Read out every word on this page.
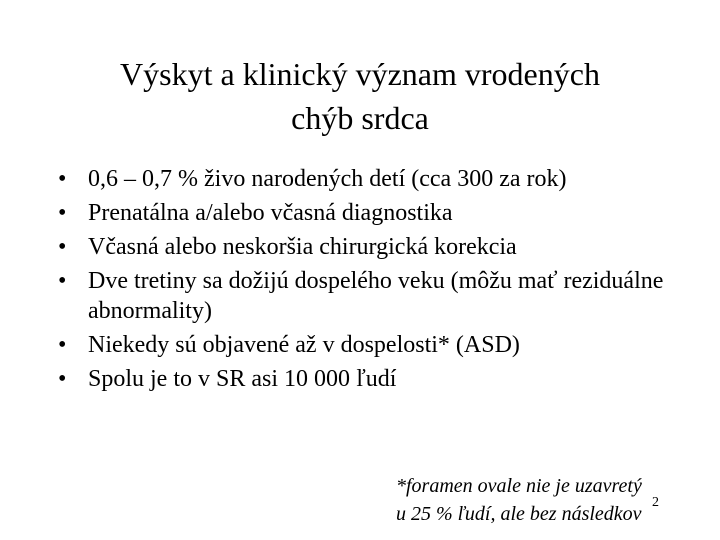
Výskyt a klinický význam vrodených
chýb srdca
• 0,6 – 0,7 % živo narodených detí (cca 300 za rok)
• Prenatálna a/alebo včasná diagnostika
• Včasná alebo neskoršia chirurgická korekcia
• Dve tretiny sa dožijú dospelého veku (môžu mať reziduálne abnormality)
• Niekedy sú objavené až v dospelosti* (ASD)
• Spolu je to v SR asi 10 000 ľudí
*foramen ovale nie je uzavretý
u 25 % ľudí, ale bez následkov
2
